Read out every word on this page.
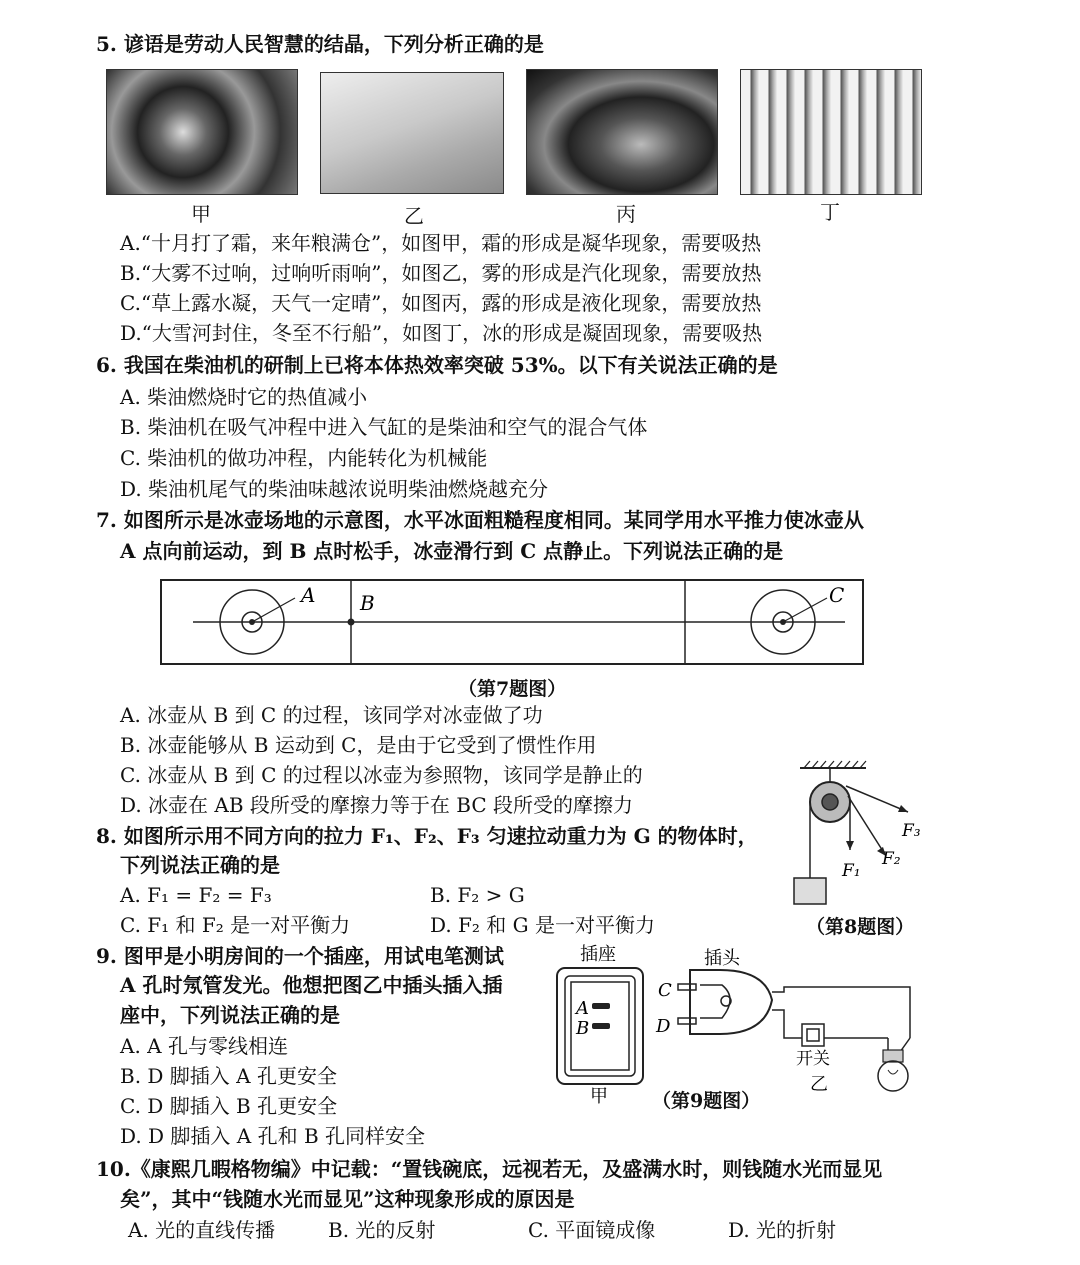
5. 谚语是劳动人民智慧的结晶，下列分析正确的是
甲	乙	丙	丁
A.“十月打了霜，来年粮满仓”，如图甲，霜的形成是凝华现象，需要吸热
B.“大雾不过响，过响听雨响”，如图乙，雾的形成是汽化现象，需要放热
C.“草上露水凝，天气一定晴”，如图丙，露的形成是液化现象，需要放热
D.“大雪河封住，冬至不行船”，如图丁，冰的形成是凝固现象，需要吸热
6. 我国在柴油机的研制上已将本体热效率突破 53%。以下有关说法正确的是
A. 柴油燃烧时它的热值减小
B. 柴油机在吸气冲程中进入气缸的是柴油和空气的混合气体
C. 柴油机的做功冲程，内能转化为机械能
D. 柴油机尾气的柴油味越浓说明柴油燃烧越充分
7. 如图所示是冰壶场地的示意图，水平冰面粗糙程度相同。某同学用水平推力使冰壶从
A 点向前运动，到 B 点时松手，冰壶滑行到 C 点静止。下列说法正确的是
A B	C
（第7题图）
A. 冰壶从 B 到 C 的过程，该同学对冰壶做了功
B. 冰壶能够从 B 运动到 C，是由于它受到了惯性作用
C. 冰壶从 B 到 C 的过程以冰壶为参照物，该同学是静止的
D. 冰壶在 AB 段所受的摩擦力等于在 BC 段所受的摩擦力
8. 如图所示用不同方向的拉力 F₁、F₂、F₃ 匀速拉动重力为 G 的物体时，
下列说法正确的是
A. F₁ = F₂ = F₃	B. F₂ > G
C. F₁ 和 F₂ 是一对平衡力	D. F₂ 和 G 是一对平衡力
F₁
F₂
F₃
（第8题图）
9. 图甲是小明房间的一个插座，用试电笔测试
A 孔时氖管发光。他想把图乙中插头插入插
座中，下列说法正确的是
A. A 孔与零线相连
B. D 脚插入 A 孔更安全
C. D 脚插入 B 孔更安全
D. D 脚插入 A 孔和 B 孔同样安全
A
B
插座
甲
C
D
插头
开关
乙
（第9题图）
10.《康熙几暇格物编》中记载：“置钱碗底，远视若无，及盛满水时，则钱随水光而显见
矣”，其中“钱随水光而显见”这种现象形成的原因是
A. 光的直线传播	B. 光的反射	C. 平面镜成像	D. 光的折射
